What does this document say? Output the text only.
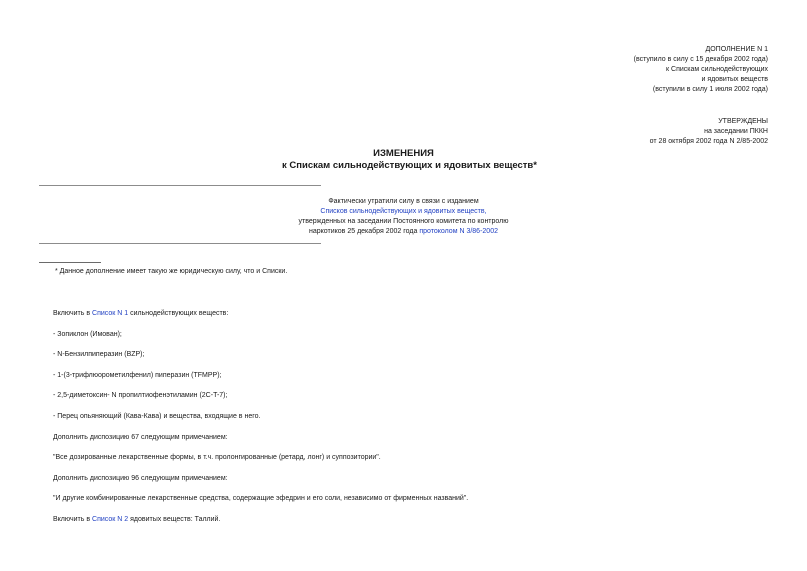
ДОПОЛНЕНИЕ N 1
(вступило в силу с 15 декабря 2002 года)
к Спискам сильнодействующих
и ядовитых веществ
(вступили в силу 1 июля 2002 года)
УТВЕРЖДЕНЫ
на заседании ПККН
от 28 октября 2002 года N 2/85-2002
ИЗМЕНЕНИЯ
к Спискам сильнодействующих и ядовитых веществ*
Фактически утратили силу в связи с изданием
Списков сильнодействующих и ядовитых веществ,
утвержденных на заседании Постоянного комитета по контролю
наркотиков 25 декабря 2002 года протоколом N 3/86-2002
* Данное дополнение имеет такую же юридическую силу, что и Списки.
Включить в Список N 1 сильнодействующих веществ:
- Зопиклон (Имован);
- N-Бензилпиперазин (BZP);
- 1-(3-трифлюорометилфенил) пиперазин (TFMPP);
- 2,5-диметоксин- N пропилтиофенэтиламин (2C-T-7);
- Перец опьяняющий (Кава-Кава) и вещества, входящие в него.
Дополнить диспозицию 67 следующим примечанием:
"Все дозированные лекарственные формы, в т.ч. пролонгированные (ретард, лонг) и суппозитории".
Дополнить диспозицию 96 следующим примечанием:
"И другие комбинированные лекарственные средства, содержащие эфедрин и его соли, независимо от фирменных названий".
Включить в Список N 2 ядовитых веществ: Таллий.
